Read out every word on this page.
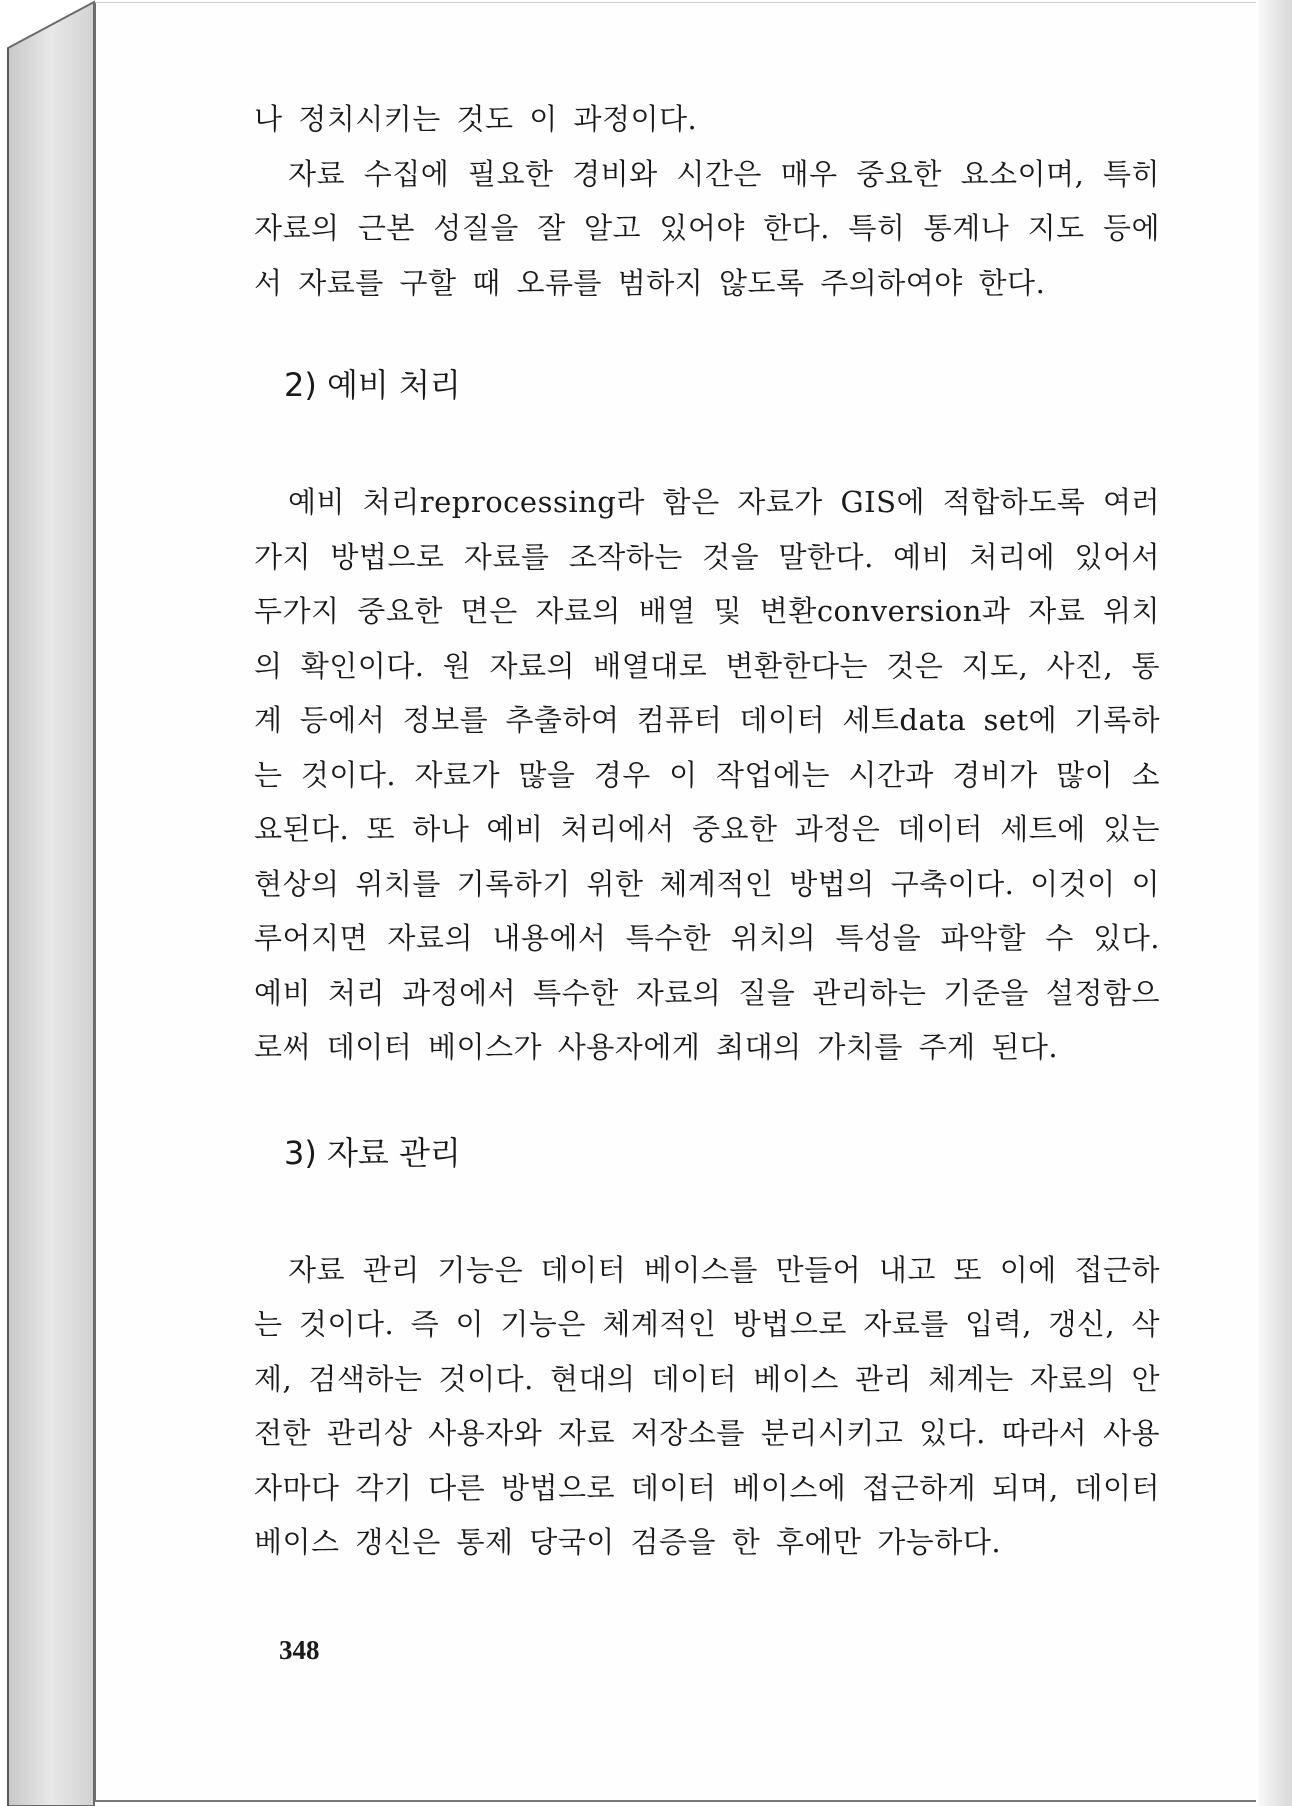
나 정치시키는 것도 이 과정이다.

자료 수집에 필요한 경비와 시간은 매우 중요한 요소이며, 특히 자료의 근본 성질을 잘 알고 있어야 한다. 특히 통계나 지도 등에서 자료를 구할 때 오류를 범하지 않도록 주의하여야 한다.

2) 예비 처리

예비 처리reprocessing라 함은 자료가 GIS에 적합하도록 여러 가지 방법으로 자료를 조작하는 것을 말한다. 예비 처리에 있어서 두가지 중요한 면은 자료의 배열 및 변환conversion과 자료 위치의 확인이다. 원 자료의 배열대로 변환한다는 것은 지도, 사진, 통계 등에서 정보를 추출하여 컴퓨터 데이터 세트data set에 기록하는 것이다. 자료가 많을 경우 이 작업에는 시간과 경비가 많이 소요된다. 또 하나 예비 처리에서 중요한 과정은 데이터 세트에 있는 현상의 위치를 기록하기 위한 체계적인 방법의 구축이다. 이것이 이루어지면 자료의 내용에서 특수한 위치의 특성을 파악할 수 있다. 예비 처리 과정에서 특수한 자료의 질을 관리하는 기준을 설정함으로써 데이터 베이스가 사용자에게 최대의 가치를 주게 된다.

3) 자료 관리

자료 관리 기능은 데이터 베이스를 만들어 내고 또 이에 접근하는 것이다. 즉 이 기능은 체계적인 방법으로 자료를 입력, 갱신, 삭제, 검색하는 것이다. 현대의 데이터 베이스 관리 체계는 자료의 안전한 관리상 사용자와 자료 저장소를 분리시키고 있다. 따라서 사용자마다 각기 다른 방법으로 데이터 베이스에 접근하게 되며, 데이터 베이스 갱신은 통제 당국이 검증을 한 후에만 가능하다.

348
